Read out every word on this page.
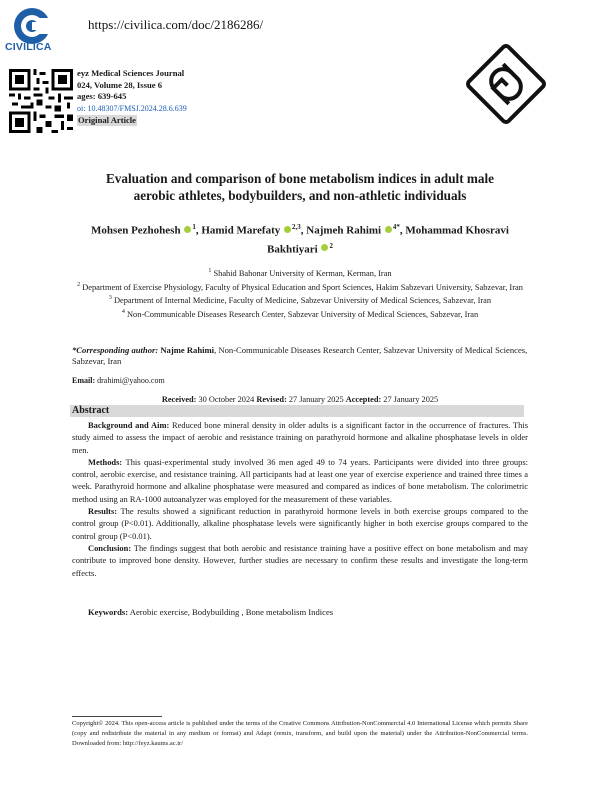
CIVILICA
https://civilica.com/doc/2186286/
eyz Medical Sciences Journal
024, Volume 28, Issue 6
ages: 639-645
oi: 10.48307/FMSJ.2024.28.6.639
Original Article
Evaluation and comparison of bone metabolism indices in adult male
aerobic athletes, bodybuilders, and non-athletic individuals
Mohsen Pezhohesh $^1$, Hamid Marefaty $^{2,3}$, Najmeh Rahimi $^{4*}$, Mohammad Khosravi
Bakhtiyari $^2$
$^1$ Shahid Bahonar University of Kerman, Kerman, Iran
$^2$ Department of Exercise Physiology, Faculty of Physical Education and Sport Sciences, Hakim Sabzevari University, Sabzevar, Iran
$^3$ Department of Internal Medicine, Faculty of Medicine, Sabzevar University of Medical Sciences, Sabzevar, Iran
$^4$ Non-Communicable Diseases Research Center, Sabzevar University of Medical Sciences, Sabzevar, Iran
*Corresponding author: Najme Rahimi, Non-Communicable Diseases Research Center, Sabzevar University of Medical Sciences, Sabzevar, Iran
Email: drahimi@yahoo.com
Received: 30 October 2024 Revised: 27 January 2025 Accepted: 27 January 2025
Abstract

Background and Aim: Reduced bone mineral density in older adults is a significant factor in the occurrence of fractures. This study aimed to assess the impact of aerobic and resistance training on parathyroid hormone and alkaline phosphatase levels in older men.

Methods: This quasi-experimental study involved 36 men aged 49 to 74 years. Participants were divided into three groups: control, aerobic exercise, and resistance training. All participants had at least one year of exercise experience and trained three times a week. Parathyroid hormone and alkaline phosphatase were measured and compared as indices of bone metabolism. The colorimetric method using an RA-1000 autoanalyzer was employed for the measurement of these variables.

Results: The results showed a significant reduction in parathyroid hormone levels in both exercise groups compared to the control group (P<0.01). Additionally, alkaline phosphatase levels were significantly higher in both exercise groups compared to the control group (P<0.01).

Conclusion: The findings suggest that both aerobic and resistance training have a positive effect on bone metabolism and may contribute to improved bone density. However, further studies are necessary to confirm these results and investigate the long-term effects.

Keywords: Aerobic exercise, Bodybuilding , Bone metabolism Indices
Copyright© 2024. This open-access article is published under the terms of the Creative Commons Attribution-NonCommercial 4.0 International License which permits Share (copy and redistribute the material in any medium or format) and Adapt (remix, transform, and build upon the material) under the Attribution-NonCommercial terms. Downloaded from: http://feyz.kaums.ac.ir/
